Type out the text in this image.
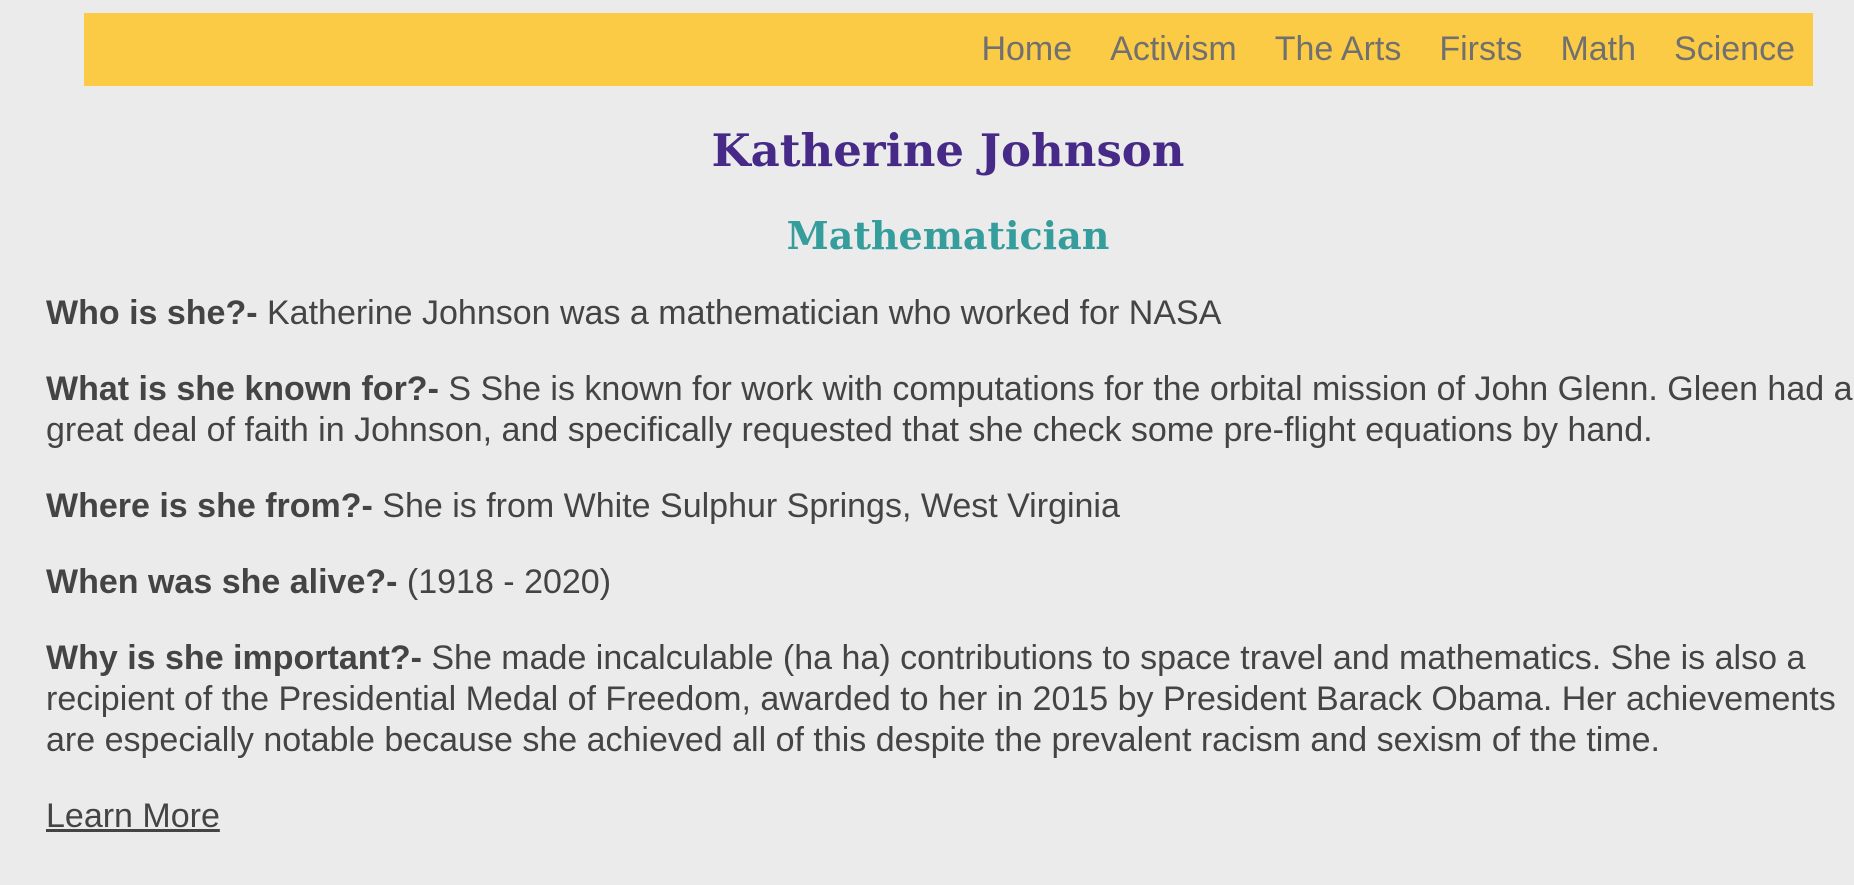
Home Activism The Arts Firsts Math Science
Katherine Johnson
Mathematician

Who is she?- Katherine Johnson was a mathematician who worked for NASA

What is she known for?- S She is known for work with computations for the orbital mission of John Glenn. Gleen had a great deal of faith in Johnson, and specifically requested that she check some pre-flight equations by hand.

Where is she from?- She is from White Sulphur Springs, West Virginia

When was she alive?- (1918 - 2020)

Why is she important?- She made incalculable (ha ha) contributions to space travel and mathematics. She is also a recipient of the Presidential Medal of Freedom, awarded to her in 2015 by President Barack Obama. Her achievements are especially notable because she achieved all of this despite the prevalent racism and sexism of the time.

Learn More
